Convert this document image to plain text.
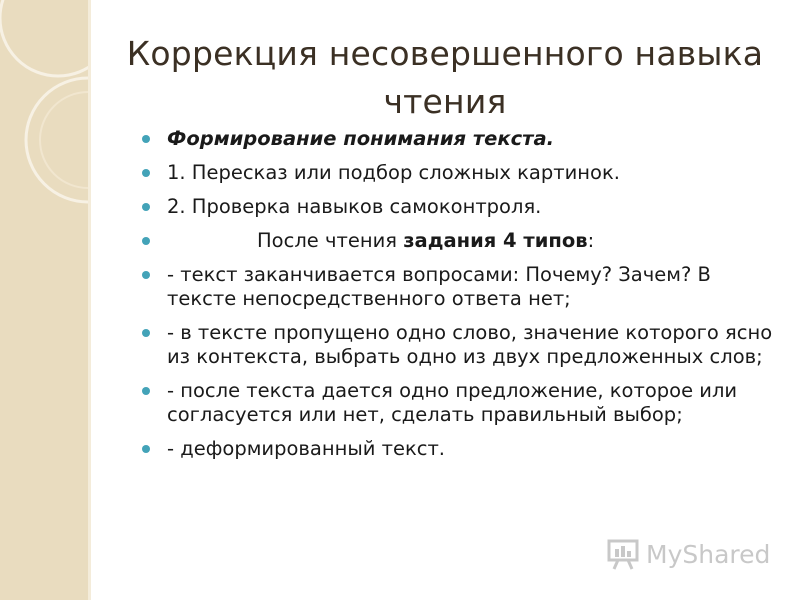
Коррекция несовершенного навыка чтения
Формирование понимания текста.
1. Пересказ или подбор сложных картинок.
2. Проверка навыков самоконтроля.
После чтения задания 4 типов:
- текст заканчивается вопросами: Почему? Зачем? В тексте непосредственного ответа нет;
- в тексте пропущено одно слово, значение которого ясно из контекста, выбрать одно из двух предложенных слов;
- после текста дается одно предложение, которое или согласуется или нет, сделать правильный выбор;
- деформированный текст.
MyShared
